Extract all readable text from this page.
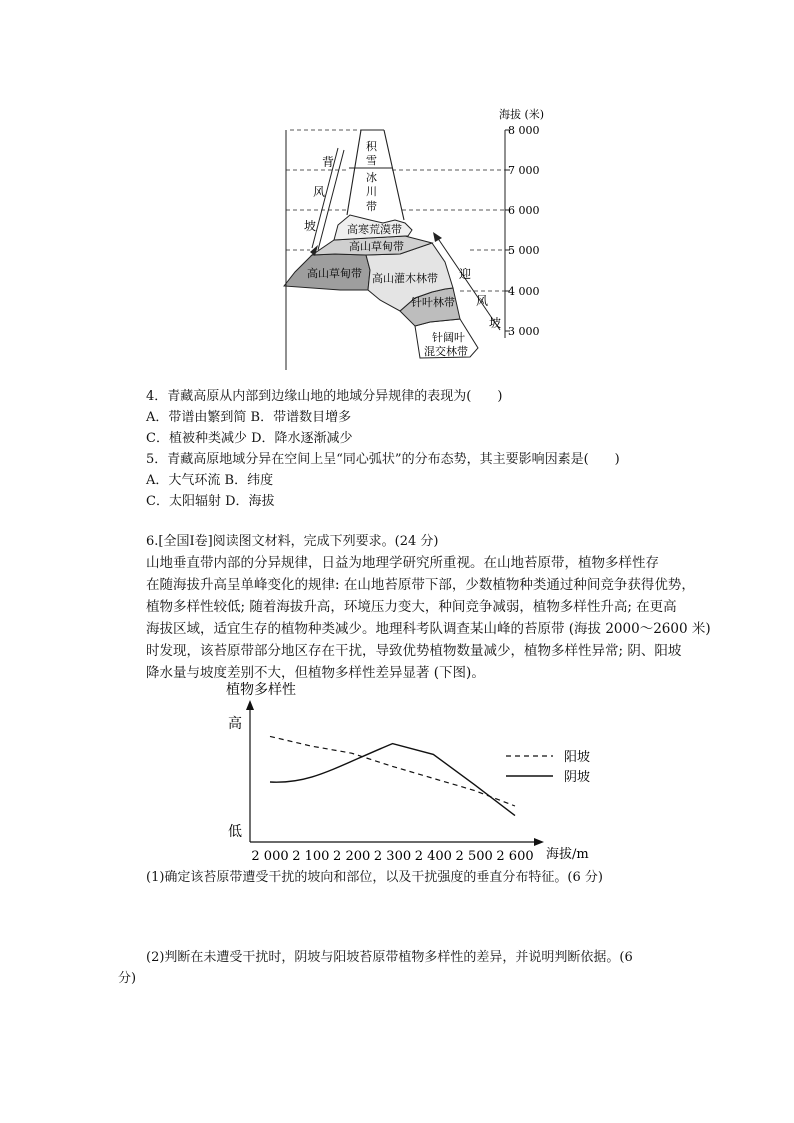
海拔 (米)
8 000
7 000
6 000
5 000
4 000
3 000
背
风
坡
迎
风
坡
积
雪
冰
川
带
高寒荒漠带
高山草甸带
高山草甸带 高山灌木林带
针叶林带
针阔叶
混交林带
4．青藏高原从内部到边缘山地的地域分异规律的表现为(　　)
A．带谱由繁到简 B．带谱数目增多
C．植被种类减少 D．降水逐渐减少
5．青藏高原地域分异在空间上呈“同心弧状”的分布态势，其主要影响因素是(　　)
A．大气环流 B．纬度
C．太阳辐射 D．海拔
6.[全国Ⅰ卷]阅读图文材料，完成下列要求。(24 分)
山地垂直带内部的分异规律，日益为地理学研究所重视。在山地苔原带，植物多样性存
在随海拔升高呈单峰变化的规律: 在山地苔原带下部，少数植物种类通过种间竞争获得优势，
植物多样性较低; 随着海拔升高，环境压力变大，种间竞争减弱，植物多样性升高; 在更高
海拔区域，适宜生存的植物种类减少。地理科考队调查某山峰的苔原带 (海拔 2000～2600 米)
时发现，该苔原带部分地区存在干扰，导致优势植物数量减少，植物多样性异常; 阴、阳坡
降水量与坡度差别不大，但植物多样性差异显著 (下图)。
植物多样性
高
低
海拔/m
2 000 2 100 2 200 2 300 2 400 2 500 2 600
阳坡
阴坡
(1)确定该苔原带遭受干扰的坡向和部位，以及干扰强度的垂直分布特征。(6 分)
(2)判断在未遭受干扰时，阴坡与阳坡苔原带植物多样性的差异，并说明判断依据。(6
分)
